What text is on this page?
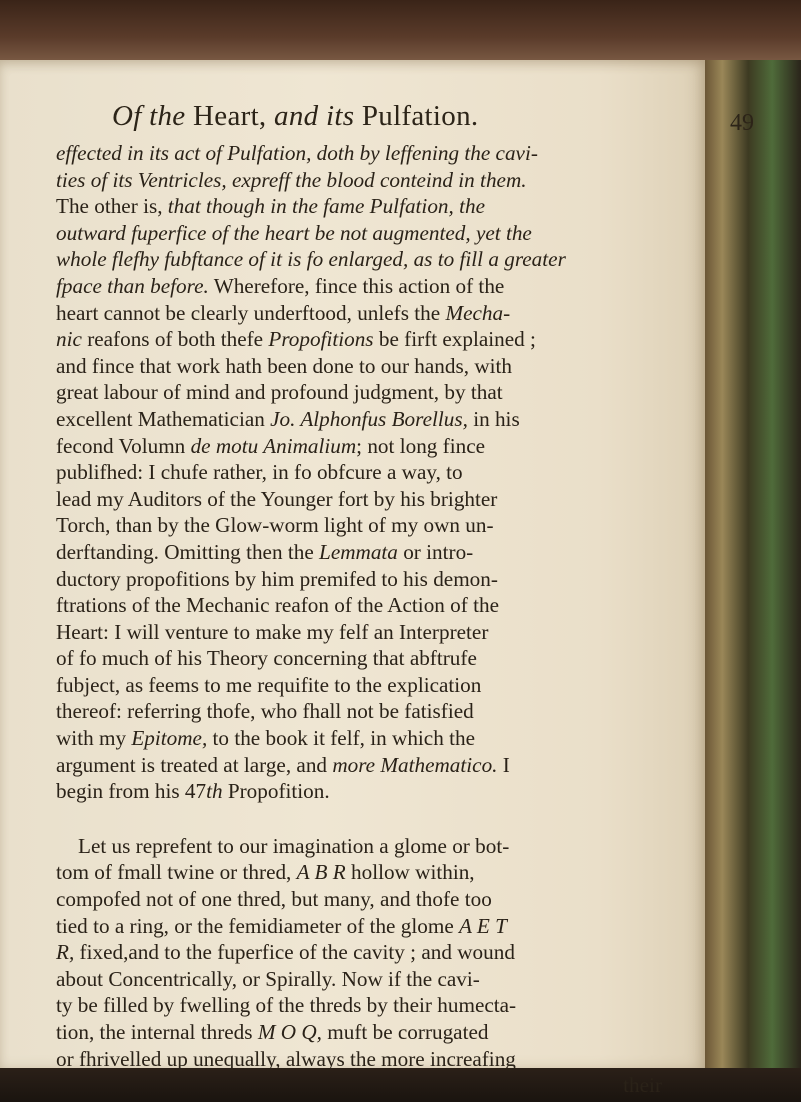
Of the Heart, and its Pulfation.	49
effected in its act of Pulfation, doth by leffening the cavi-
ties of its Ventricles, expreff the blood conteind in them.
The other is, that though in the fame Pulfation, the
outward fuperfice of the heart be not augmented, yet the
whole flefhy fubftance of it is fo enlarged, as to fill a greater
fpace than before. Wherefore, fince this action of the
heart cannot be clearly underftood, unlefs the Mecha-
nic reafons of both thefe Propofitions be firft explained ;
and fince that work hath been done to our hands, with
great labour of mind and profound judgment, by that
excellent Mathematician Jo. Alphonfus Borellus, in his
fecond Volumn de motu Animalium; not long fince
publifhed: I chufe rather, in fo obfcure a way, to
lead my Auditors of the Younger fort by his brighter
Torch, than by the Glow-worm light of my own un-
derftanding. Omitting then the Lemmata or intro-
ductory propofitions by him premifed to his demon-
ftrations of the Mechanic reafon of the Action of the
Heart: I will venture to make my felf an Interpreter
of fo much of his Theory concerning that abftrufe
fubject, as feems to me requifite to the explication
thereof: referring thofe, who fhall not be fatisfied
with my Epitome, to the book it felf, in which the
argument is treated at large, and more Mathematico. I
begin from his 47th Propofition.
Let us reprefent to our imagination a glome or bot-
tom of fmall twine or thred, A B R hollow within,
compofed not of one thred, but many, and thofe too
tied to a ring, or the femidiameter of the glome A E T
R, fixed,and to the fuperfice of the cavity ; and wound
about Concentrically, or Spirally. Now if the cavi-
ty be filled by fwelling of the threds by their humecta-
tion, the internal threds M O Q, muft be corrugated
or fhrivelled up unequally, always the more increafing
their
